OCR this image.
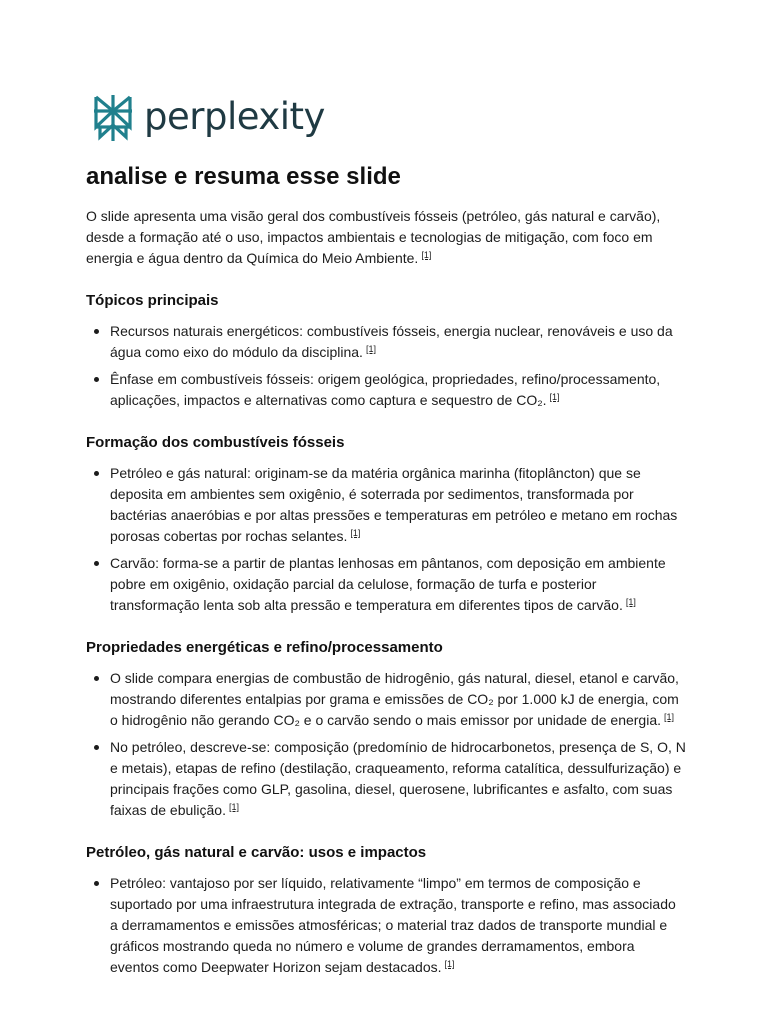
perplexity
analise e resuma esse slide

O slide apresenta uma visão geral dos combustíveis fósseis (petróleo, gás natural e carvão), desde a formação até o uso, impactos ambientais e tecnologias de mitigação, com foco em energia e água dentro da Química do Meio Ambiente. [1]

Tópicos principais
Recursos naturais energéticos: combustíveis fósseis, energia nuclear, renováveis e uso da água como eixo do módulo da disciplina. [1]
Ênfase em combustíveis fósseis: origem geológica, propriedades, refino/processamento, aplicações, impactos e alternativas como captura e sequestro de CO₂. [1]
Formação dos combustíveis fósseis
Petróleo e gás natural: originam-se da matéria orgânica marinha (fitoplâncton) que se deposita em ambientes sem oxigênio, é soterrada por sedimentos, transformada por bactérias anaeróbias e por altas pressões e temperaturas em petróleo e metano em rochas porosas cobertas por rochas selantes. [1]
Carvão: forma-se a partir de plantas lenhosas em pântanos, com deposição em ambiente pobre em oxigênio, oxidação parcial da celulose, formação de turfa e posterior transformação lenta sob alta pressão e temperatura em diferentes tipos de carvão. [1]
Propriedades energéticas e refino/processamento
O slide compara energias de combustão de hidrogênio, gás natural, diesel, etanol e carvão, mostrando diferentes entalpias por grama e emissões de CO₂ por 1.000 kJ de energia, com o hidrogênio não gerando CO₂ e o carvão sendo o mais emissor por unidade de energia. [1]
No petróleo, descreve-se: composição (predomínio de hidrocarbonetos, presença de S, O, N e metais), etapas de refino (destilação, craqueamento, reforma catalítica, dessulfurização) e principais frações como GLP, gasolina, diesel, querosene, lubrificantes e asfalto, com suas faixas de ebulição. [1]
Petróleo, gás natural e carvão: usos e impactos
Petróleo: vantajoso por ser líquido, relativamente “limpo” em termos de composição e suportado por uma infraestrutura integrada de extração, transporte e refino, mas associado a derramamentos e emissões atmosféricas; o material traz dados de transporte mundial e gráficos mostrando queda no número e volume de grandes derramamentos, embora eventos como Deepwater Horizon sejam destacados. [1]
